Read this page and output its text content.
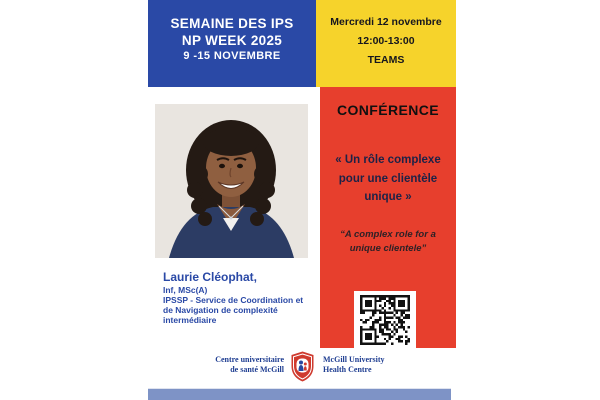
SEMAINE DES IPS
NP WEEK 2025
9 -15 NOVEMBRE
Mercredi 12 novembre
12:00-13:00
TEAMS
CONFÉRENCE
« Un rôle complexe
pour une clientèle
unique »
“A complex role for a
unique clientele”
Laurie Cléophat,
Inf, MSc(A)
IPSSP - Service de Coordination et
de Navigation de complexité
intermédiaire
Centre universitaire
de santé McGill
McGill University
Health Centre
